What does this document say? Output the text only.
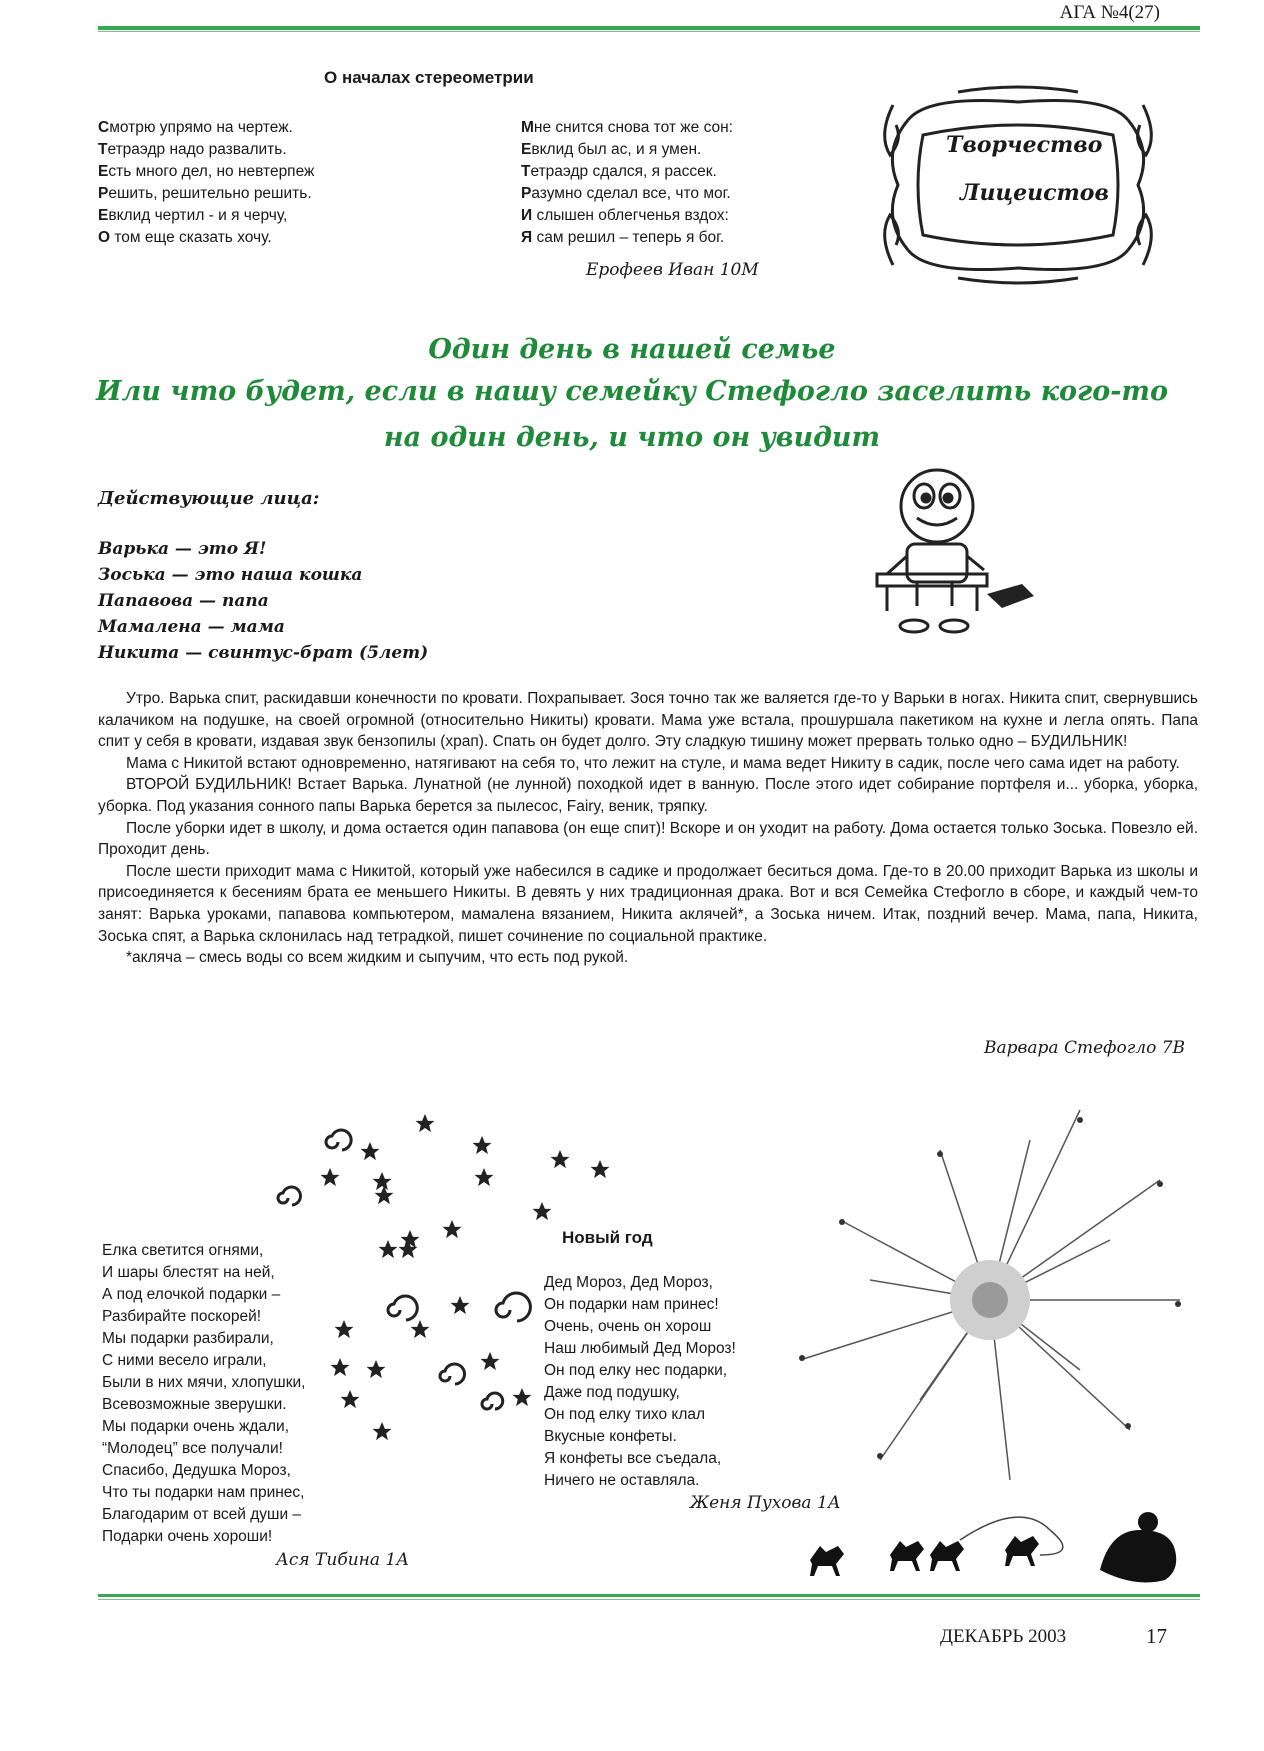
АГА №4(27)
О началах стереометрии
Смотрю упрямо на чертеж.
Тетраэдр надо развалить.
Есть много дел, но невтерпеж
Решить, решительно решить.
Евклид чертил - и я черчу,
О том еще сказать хочу.
Мне снится снова тот же сон:
Евклид был ас, и я умен.
Тетраэдр сдался, я рассек.
Разумно сделал все, что мог.
И слышен облегченья вздох:
Я сам решил – теперь я бог.
Ерофеев Иван 10М
Творчество
Лицеистов
Один день в нашей семье
Или что будет, если в нашу семейку Стефогло заселить кого-то
на один день, и что он увидит
Действующие лица:
Варька — это Я!
Зоська — это наша кошка
Папавова — папа
Мамалена — мама
Никита — свинтус-брат (5лет)

Утро. Варька спит, раскидавши конечности по кровати. Похрапывает. Зося точно так же валяется где-то у Варьки в ногах. Никита спит, свернувшись калачиком на подушке, на своей огромной (относительно Никиты) кровати. Мама уже встала, прошуршала пакетиком на кухне и легла опять. Папа спит у себя в кровати, издавая звук бензопилы (храп). Спать он будет долго. Эту сладкую тишину может прервать только одно – БУДИЛЬНИК!

Мама с Никитой встают одновременно, натягивают на себя то, что лежит на стуле, и мама ведет Никиту в садик, после чего сама идет на работу.

ВТОРОЙ БУДИЛЬНИК! Встает Варька. Лунатной (не лунной) походкой идет в ванную. После этого идет собирание портфеля и... уборка, уборка, уборка. Под указания сонного папы Варька берется за пылесос, Fairy, веник, тряпку.

После уборки идет в школу, и дома остается один папавова (он еще спит)! Вскоре и он уходит на работу. Дома остается только Зоська. Повезло ей. Проходит день.

После шести приходит мама с Никитой, который уже набесился в садике и продолжает беситься дома. Где-то в 20.00 приходит Варька из школы и присоединяется к бесениям брата ее меньшего Никиты. В девять у них традиционная драка. Вот и вся Семейка Стефогло в сборе, и каждый чем-то занят: Варька уроками, папавова компьютером, мамалена вязанием, Никита аклячей*, а Зоська ничем. Итак, поздний вечер. Мама, папа, Никита, Зоська спят, а Варька склонилась над тетрадкой, пишет сочинение по социальной практике.

*акляча – смесь воды со всем жидким и сыпучим, что есть под рукой.

Варвара Стефогло 7В
Елка светится огнями,
И шары блестят на ней,
А под елочкой подарки –
Разбирайте поскорей!
Мы подарки разбирали,
С ними весело играли,
Были в них мячи, хлопушки,
Всевозможные зверушки.
Мы подарки очень ждали,
“Молодец” все получали!
Спасибо, Дедушка Мороз,
Что ты подарки нам принес,
Благодарим от всей души –
Подарки очень хороши!
Ася Тибина 1А
Новый год
Дед Мороз, Дед Мороз,
Он подарки нам принес!
Очень, очень он хорош
Наш любимый Дед Мороз!
Он под елку нес подарки,
Даже под подушку,
Он под елку тихо клал
Вкусные конфеты.
Я конфеты все съедала,
Ничего не оставляла.
Женя Пухова 1А
ДЕКАБРЬ 2003	17
